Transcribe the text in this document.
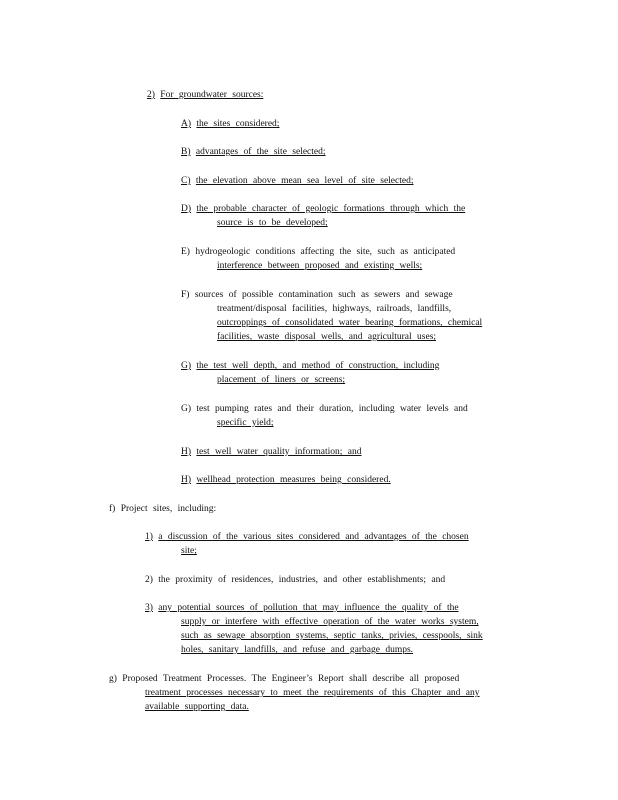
2) For groundwater sources:
A) the sites considered;
B) advantages of the site selected;
C) the elevation above mean sea level of site selected;
D) the probable character of geologic formations through which the
source is to be developed;
E) hydrogeologic conditions affecting the site, such as anticipated
interference between proposed and existing wells;
F) sources of possible contamination such as sewers and sewage
treatment/disposal facilities, highways, railroads, landfills,
outcroppings of consolidated water bearing formations, chemical
facilities, waste disposal wells, and agricultural uses;
G) the test well depth, and method of construction, including
placement of liners or screens;
G) test pumping rates and their duration, including water levels and
specific yield;
H) test well water quality information; and
H) wellhead protection measures being considered.
f) Project sites, including:
1) a discussion of the various sites considered and advantages of the chosen
site;
2) the proximity of residences, industries, and other establishments; and
3) any potential sources of pollution that may influence the quality of the
supply or interfere with effective operation of the water works system,
such as sewage absorption systems, septic tanks, privies, cesspools, sink
holes, sanitary landfills, and refuse and garbage dumps.
g) Proposed Treatment Processes. The Engineer’s Report shall describe all proposed
treatment processes necessary to meet the requirements of this Chapter and any
available supporting data.
